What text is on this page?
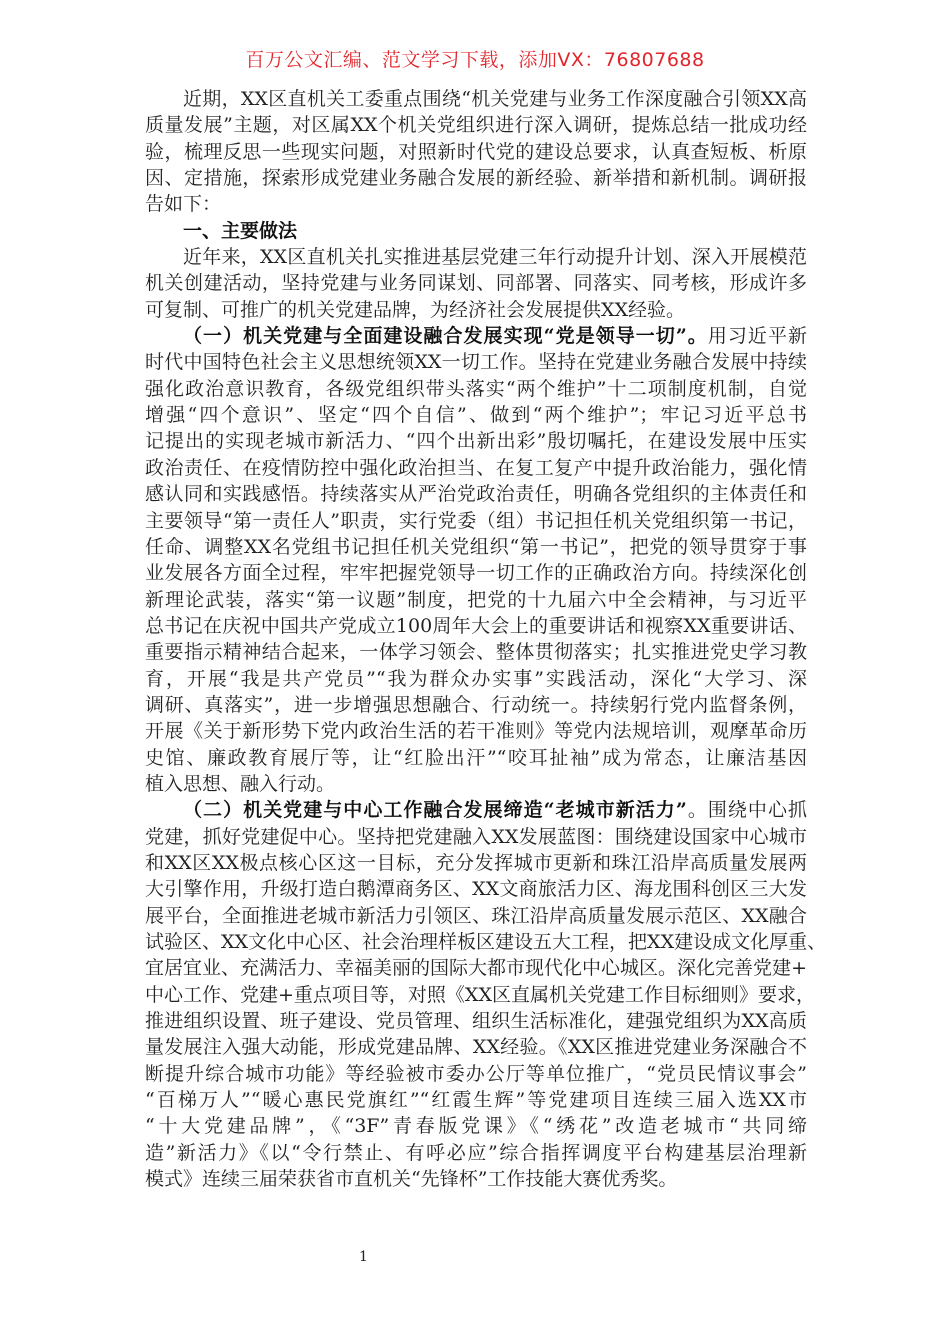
百万公文汇编、范文学习下载，添加VX：76807688
近期，XX区直机关工委重点围绕“机关党建与业务工作深度融合引领XX高
质量发展”主题，对区属XX个机关党组织进行深入调研，提炼总结一批成功经
验，梳理反思一些现实问题，对照新时代党的建设总要求，认真查短板、析原
因、定措施，探索形成党建业务融合发展的新经验、新举措和新机制。调研报
告如下：
一、主要做法
近年来，XX区直机关扎实推进基层党建三年行动提升计划、深入开展模范
机关创建活动，坚持党建与业务同谋划、同部署、同落实、同考核，形成许多
可复制、可推广的机关党建品牌，为经济社会发展提供XX经验。
（一）机关党建与全面建设融合发展实现“党是领导一切”。用习近平新
时代中国特色社会主义思想统领XX一切工作。坚持在党建业务融合发展中持续
强化政治意识教育，各级党组织带头落实“两个维护”十二项制度机制，自觉
增强“四个意识”、坚定“四个自信”、做到“两个维护”；牢记习近平总书
记提出的实现老城市新活力、“四个出新出彩”殷切嘱托，在建设发展中压实
政治责任、在疫情防控中强化政治担当、在复工复产中提升政治能力，强化情
感认同和实践感悟。持续落实从严治党政治责任，明确各党组织的主体责任和
主要领导“第一责任人”职责，实行党委（组）书记担任机关党组织第一书记，
任命、调整XX名党组书记担任机关党组织“第一书记”，把党的领导贯穿于事
业发展各方面全过程，牢牢把握党领导一切工作的正确政治方向。持续深化创
新理论武装，落实“第一议题”制度，把党的十九届六中全会精神，与习近平
总书记在庆祝中国共产党成立100周年大会上的重要讲话和视察XX重要讲话、
重要指示精神结合起来，一体学习领会、整体贯彻落实；扎实推进党史学习教
育，开展“我是共产党员”“我为群众办实事”实践活动，深化“大学习、深
调研、真落实”，进一步增强思想融合、行动统一。持续躬行党内监督条例，
开展《关于新形势下党内政治生活的若干准则》等党内法规培训，观摩革命历
史馆、廉政教育展厅等，让“红脸出汗”“咬耳扯袖”成为常态，让廉洁基因
植入思想、融入行动。
（二）机关党建与中心工作融合发展缔造“老城市新活力”。围绕中心抓
党建，抓好党建促中心。坚持把党建融入XX发展蓝图：围绕建设国家中心城市
和XX区XX极点核心区这一目标，充分发挥城市更新和珠江沿岸高质量发展两
大引擎作用，升级打造白鹅潭商务区、XX文商旅活力区、海龙围科创区三大发
展平台，全面推进老城市新活力引领区、珠江沿岸高质量发展示范区、XX融合
试验区、XX文化中心区、社会治理样板区建设五大工程，把XX建设成文化厚重、
宜居宜业、充满活力、幸福美丽的国际大都市现代化中心城区。深化完善党建+
中心工作、党建+重点项目等，对照《XX区直属机关党建工作目标细则》要求，
推进组织设置、班子建设、党员管理、组织生活标准化，建强党组织为XX高质
量发展注入强大动能，形成党建品牌、XX经验。《XX区推进党建业务深融合不
断提升综合城市功能》等经验被市委办公厅等单位推广，“党员民情议事会”
“百梯万人”“暖心惠民党旗红”“红霞生辉”等党建项目连续三届入选XX市
“十大党建品牌”，《“3F”青春版党课》《“绣花”改造老城市“共同缔
造”新活力》《以“令行禁止、有呼必应”综合指挥调度平台构建基层治理新
模式》连续三届荣获省市直机关“先锋杯”工作技能大赛优秀奖。
1
